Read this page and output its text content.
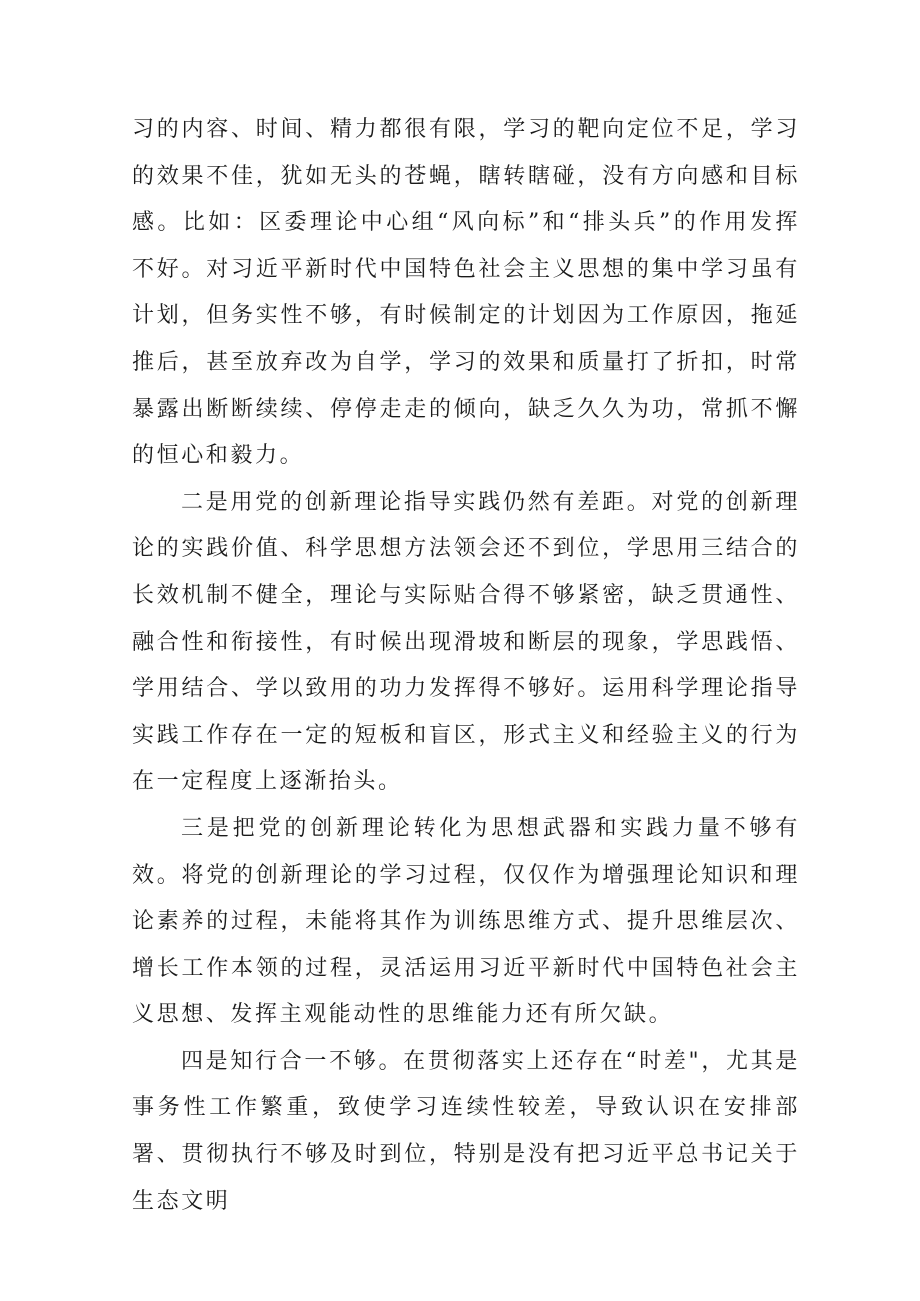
习的内容、时间、精力都很有限，学习的靶向定位不足，学习的效果不佳，犹如无头的苍蝇，瞎转瞎碰，没有方向感和目标感。比如：区委理论中心组“风向标”和“排头兵”的作用发挥不好。对习近平新时代中国特色社会主义思想的集中学习虽有计划，但务实性不够，有时候制定的计划因为工作原因，拖延推后，甚至放弃改为自学，学习的效果和质量打了折扣，时常暴露出断断续续、停停走走的倾向，缺乏久久为功，常抓不懈的恒心和毅力。

二是用党的创新理论指导实践仍然有差距。对党的创新理论的实践价值、科学思想方法领会还不到位，学思用三结合的长效机制不健全，理论与实际贴合得不够紧密，缺乏贯通性、融合性和衔接性，有时候出现滑坡和断层的现象，学思践悟、学用结合、学以致用的功力发挥得不够好。运用科学理论指导实践工作存在一定的短板和盲区，形式主义和经验主义的行为在一定程度上逐渐抬头。

三是把党的创新理论转化为思想武器和实践力量不够有效。将党的创新理论的学习过程，仅仅作为增强理论知识和理论素养的过程，未能将其作为训练思维方式、提升思维层次、增长工作本领的过程，灵活运用习近平新时代中国特色社会主义思想、发挥主观能动性的思维能力还有所欠缺。

四是知行合一不够。在贯彻落实上还存在“时差"，尤其是事务性工作繁重，致使学习连续性较差，导致认识在安排部署、贯彻执行不够及时到位，特别是没有把习近平总书记关于生态文明
